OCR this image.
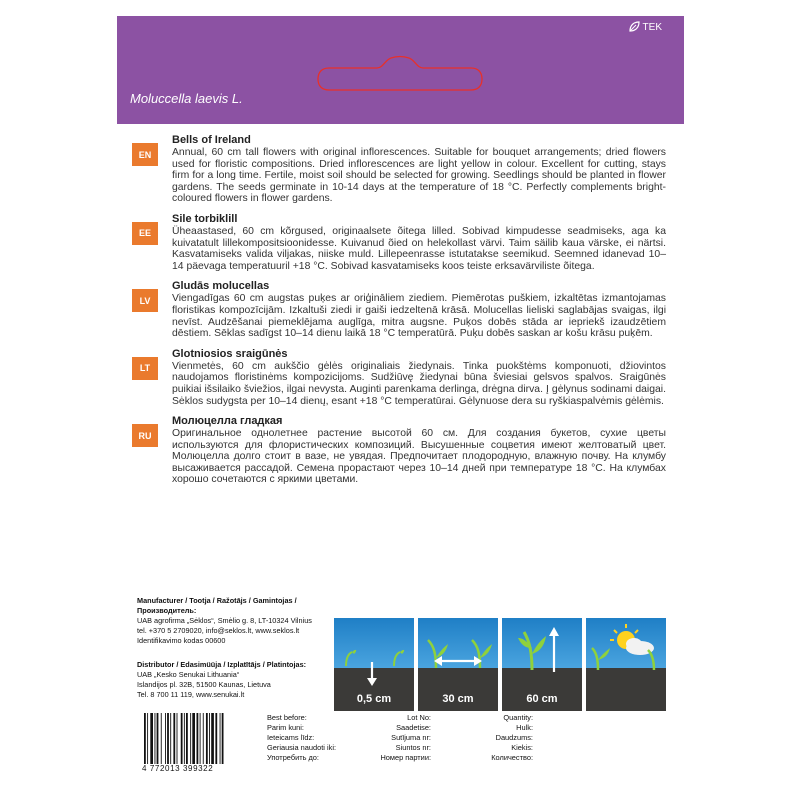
TEK
Moluccella laevis L.
EN
Bells of Ireland
Annual, 60 cm tall flowers with original inflorescences. Suitable for bouquet arrangements; dried flowers used for floristic compositions. Dried inflorescences are light yellow in colour. Excellent for cutting, stays firm for a long time. Fertile, moist soil should be selected for growing. Seedlings should be planted in flower gardens. The seeds germinate in 10-14 days at the temperature of 18 °C. Perfectly complements bright-coloured flowers in flower gardens.
EE
Sile torbiklill
Üheaastased, 60 cm kõrgused, originaalsete õitega lilled. Sobivad kimpudesse seadmiseks, aga ka kuivatatult lillekompositsioonidesse. Kuivanud õied on helekollast värvi. Taim säilib kaua värske, ei närtsi. Kasvatamiseks valida viljakas, niiske muld. Lillepeenrasse istutatakse seemikud. Seemned idanevad 10–14 päevaga temperatuuril +18 °C. Sobivad kasvatamiseks koos teiste erksavärviliste õitega.
LV
Gludās molucellas
Viengadīgas 60 cm augstas puķes ar oriģināliem ziediem. Piemērotas puškiem, izkaltētas izmantojamas floristikas kompozīcijām. Izkaltuši ziedi ir gaiši iedzeltenā krāsā. Molucellas lieliski saglabājas svaigas, ilgi nevīst. Audzēšanai piemeklējama auglīga, mitra augsne. Puķos dobēs stāda ar iepriekš izaudzētiem dēstiem. Sēklas sadīgst 10–14 dienu laikā 18 °C temperatūrā. Puķu dobēs saskan ar košu krāsu puķēm.
LT
Glotniosios sraigūnės
Vienmetės, 60 cm aukščio gėlės originaliais žiedynais. Tinka puokštėms komponuoti, džiovintos naudojamos floristinėms kompozicijoms. Sudžiūvę žiedynai būna šviesiai gelsvos spalvos. Sraigūnės puikiai išsilaiko šviežios, ilgai nevysta. Auginti parenkama derlinga, drėgna dirva. Į gėlynus sodinami daigai. Sėklos sudygsta per 10–14 dienų, esant +18 °C temperatūrai. Gėlynuose dera su ryškiaspalvėmis gėlėmis.
RU
Молюцелла гладкая
Оригинальное однолетнее растение высотой 60 см. Для создания букетов, сухие цветы используются для флористических композиций. Высушенные соцветия имеют желтоватый цвет. Молюцелла долго стоит в вазе, не увядая. Предпочитает плодородную, влажную почву. На клумбу высаживается рассадой. Семена прорастают через 10–14 дней при температуре 18 °C. На клумбах хорошо сочетаются с яркими цветами.
Manufacturer / Tootja / Ražotājs / Gamintojas / Производитель:
UAB agrofirma „Sėklos“, Smėlio g. 8, LT-10324 Vilnius
tel. +370 5 2709020, info@seklos.lt, www.seklos.lt
Identifikavimo kodas 00600
Distributor / Edasimüüja / Izplatītājs / Platintojas:
UAB „Kesko Senukai Lithuania“
Islandijos pl. 32B, 51500 Kaunas, Lietuva
Tel. 8 700 11 119, www.senukai.lt	0,5 cm	30 cm	60 cm
4 772013 399322
Best before:
Parim kuni:
Ieteicams līdz:
Geriausia naudoti iki:
Употребить до:
Lot No:
Saadetise:
Sutījuma nr:
Siuntos nr:
Номер партии:
Quantity:
Hulk:
Daudzums:
Kiekis:
Количество:
